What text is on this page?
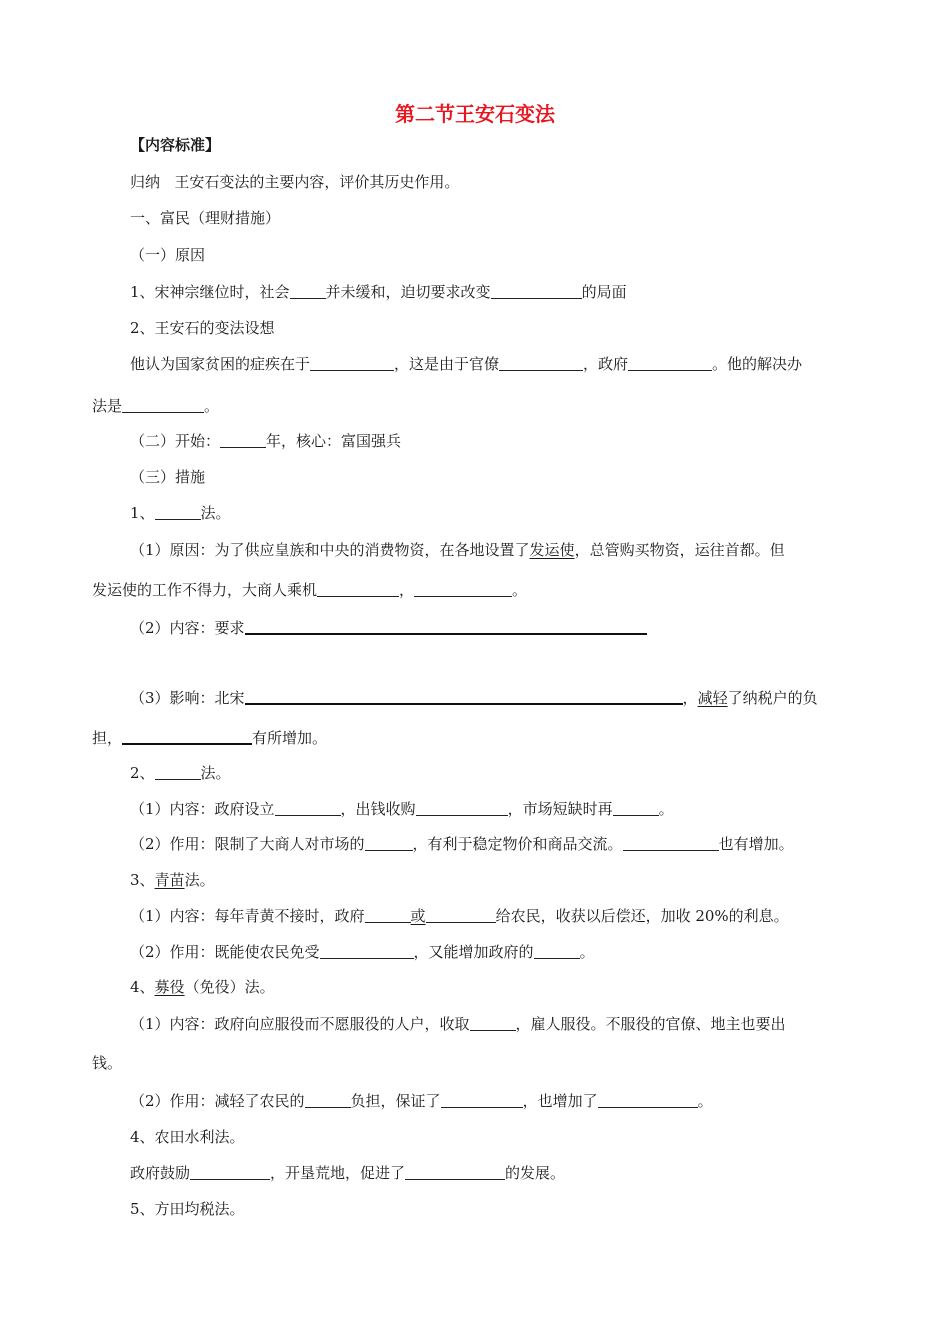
第二节王安石变法
【内容标准】
归纳 王安石变法的主要内容，评价其历史作用。
一、富民（理财措施）
（一）原因
1、宋神宗继位时，社会 并未缓和，迫切要求改变	的局面
2、王安石的变法设想
他认为国家贫困的症疾在于	，这是由于官僚	，政府	。他的解决办
法是	。
（二）开始：	年，核心：富国强兵
（三）措施
1、	法。
（1）原因：为了供应皇族和中央的消费物资，在各地设置了发运使，总管购买物资，运往首都。但
发运使的工作不得力，大商人乘机	，	。
（2）内容：要求
（3）影响：北宋	，减轻了纳税户的负
担，	有所增加。
2、	法。
（1）内容：政府设立	，出钱收购	，市场短缺时再	。
（2）作用：限制了大商人对市场的	，有利于稳定物价和商品交流。	也有增加。
3、青苗法。
（1）内容：每年青黄不接时，政府	或	给农民，收获以后偿还，加收 20%的利息。
（2）作用：既能使农民免受	，又能增加政府的	。
4、募役（免役）法。
（1）内容：政府向应服役而不愿服役的人户，收取	，雇人服役。不服役的官僚、地主也要出
钱。
（2）作用：减轻了农民的	负担，保证了	，也增加了	。
4、农田水利法。
政府鼓励	，开垦荒地，促进了	的发展。
5、方田均税法。
